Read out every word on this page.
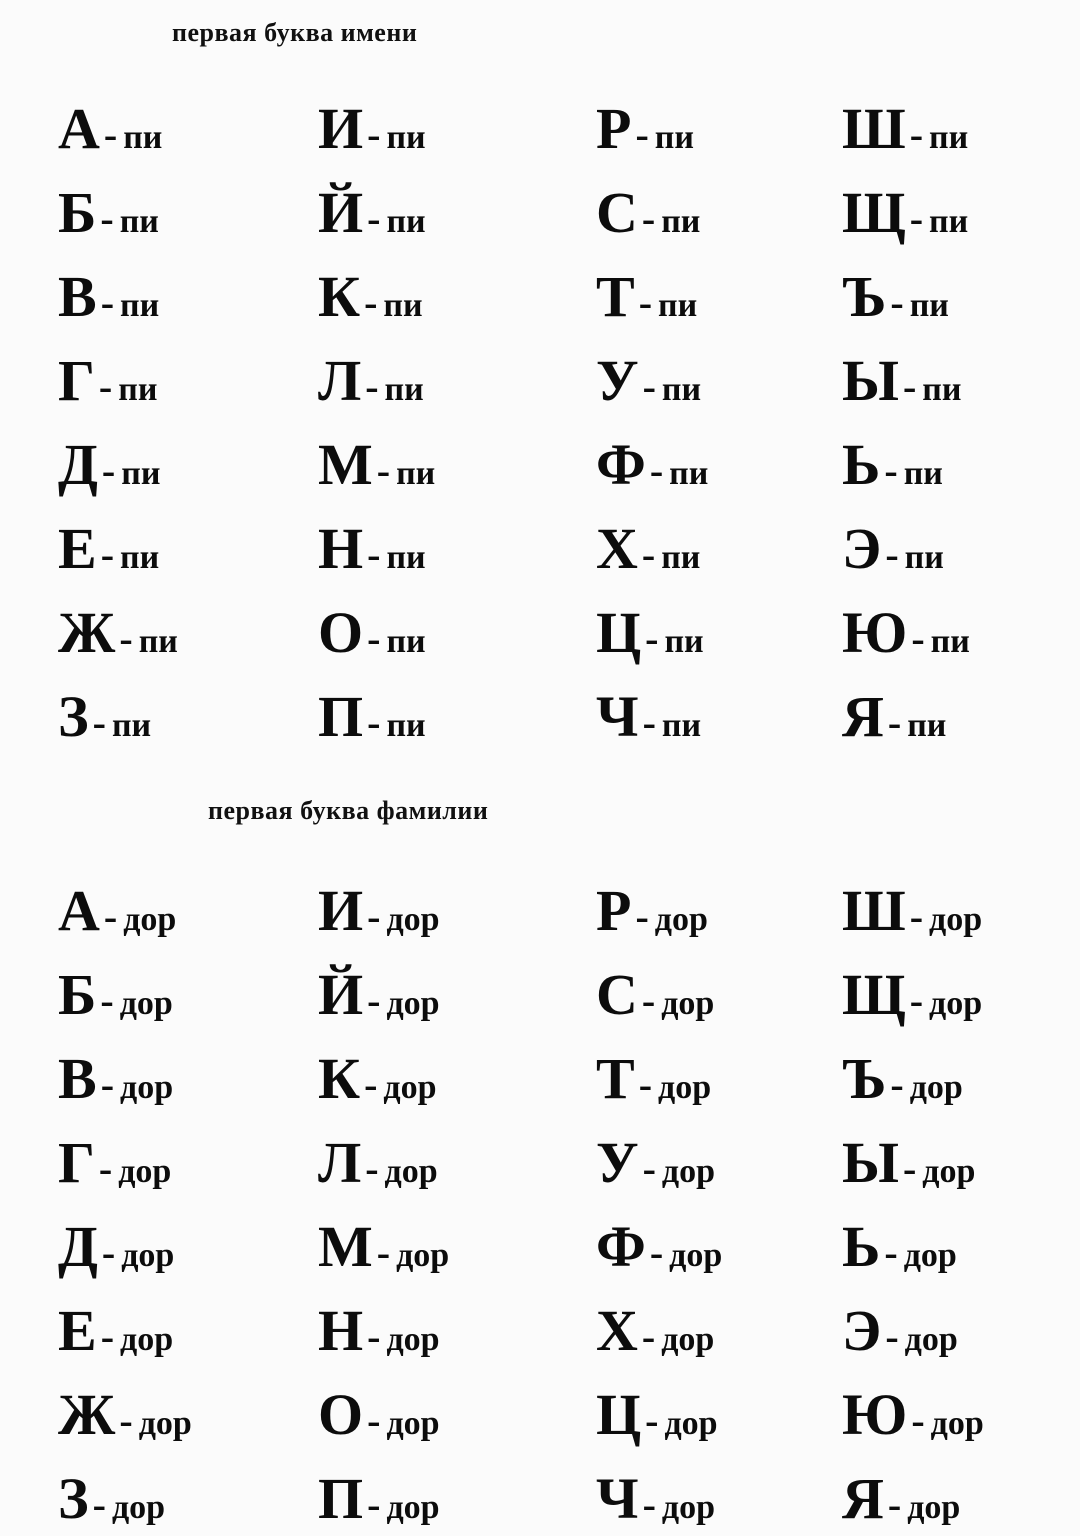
первая буква имени
А - пи
Б - пи
В - пи
Г - пи
Д - пи
Е - пи
Ж - пи
З - пи
И - пи
Й - пи
К - пи
Л - пи
М - пи
Н - пи
О - пи
П - пи
Р - пи
С - пи
Т - пи
У - пи
Ф - пи
Х - пи
Ц - пи
Ч - пи
Ш - пи
Щ - пи
Ъ - пи
Ы - пи
Ь - пи
Э - пи
Ю - пи
Я - пи
первая буква фамилии
А - дор
Б - дор
В - дор
Г - дор
Д - дор
Е - дор
Ж - дор
З - дор
И - дор
Й - дор
К - дор
Л - дор
М - дор
Н - дор
О - дор
П - дор
Р - дор
С - дор
Т - дор
У - дор
Ф - дор
Х - дор
Ц - дор
Ч - дор
Ш - дор
Щ - дор
Ъ - дор
Ы - дор
Ь - дор
Э - дор
Ю - дор
Я - дор
